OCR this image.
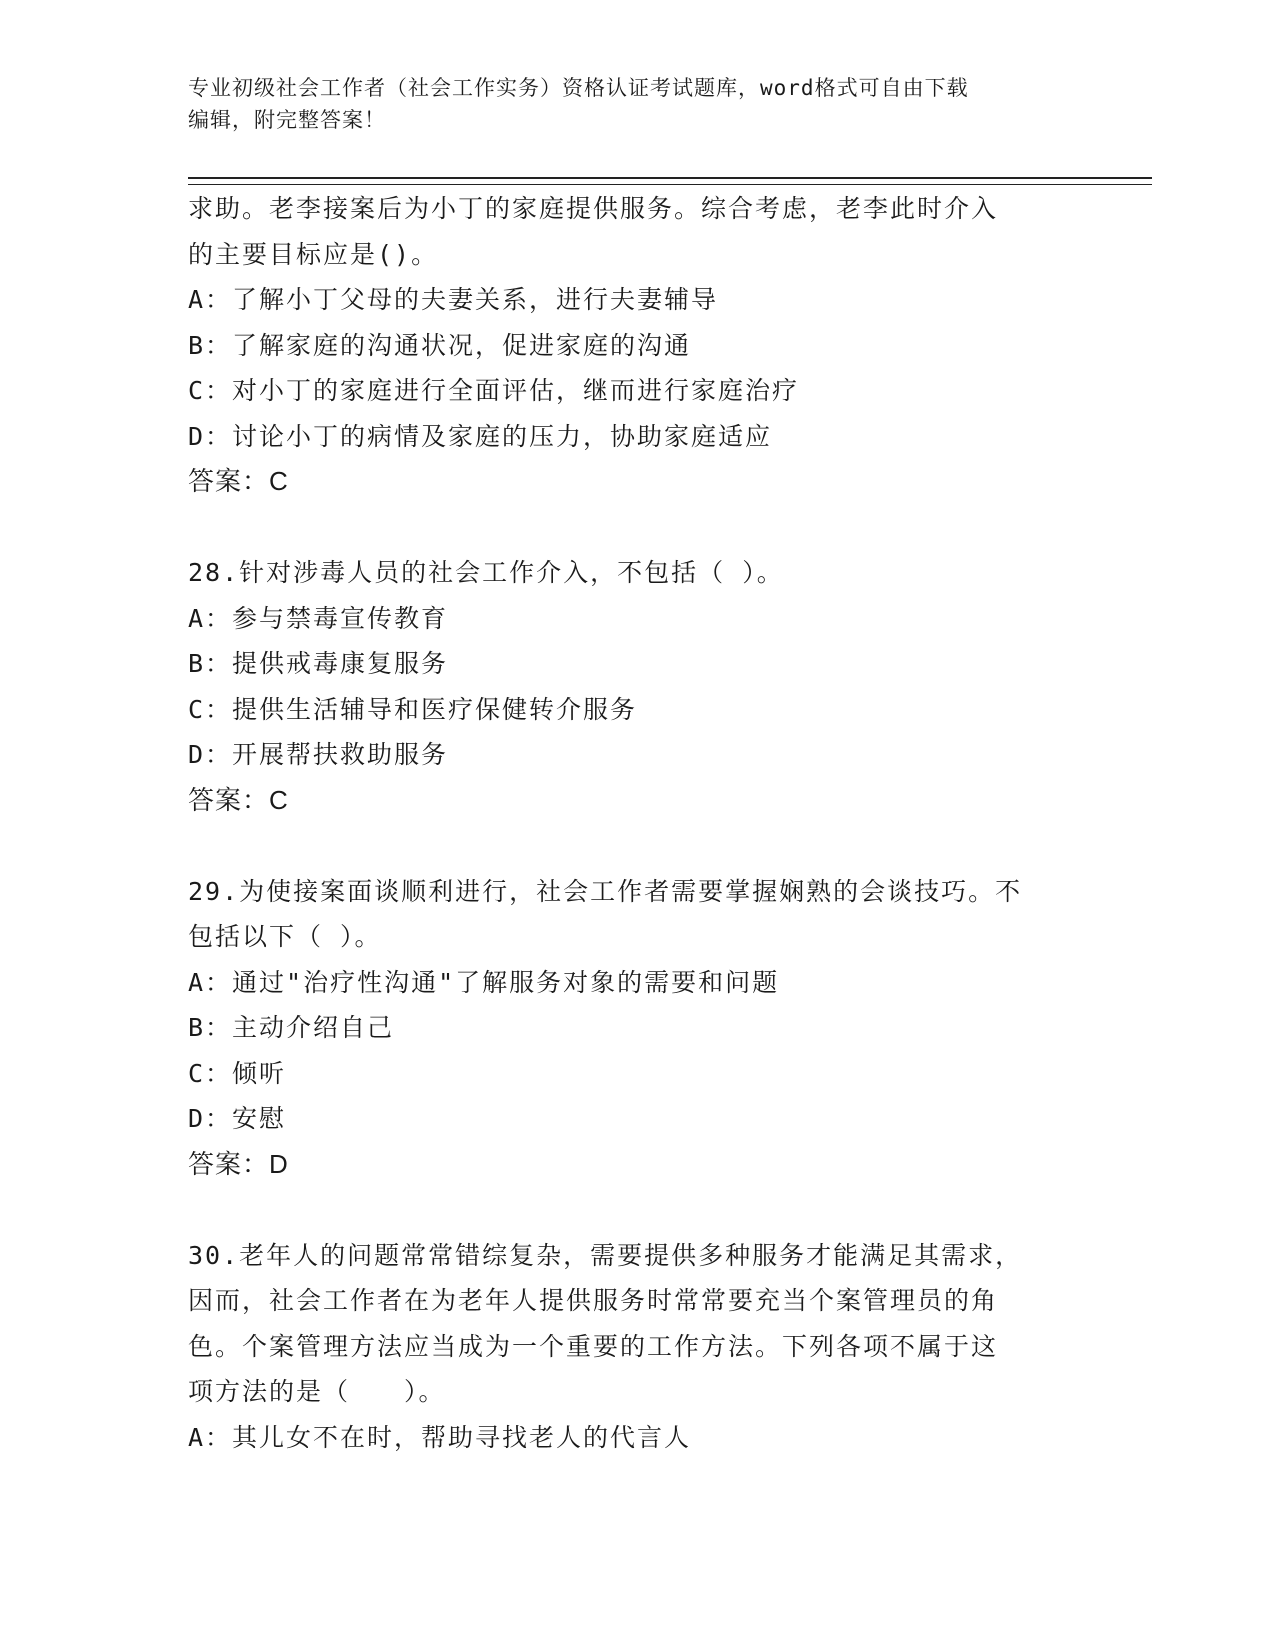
专业初级社会工作者（社会工作实务）资格认证考试题库，word格式可自由下载
编辑，附完整答案！
求助。老李接案后为小丁的家庭提供服务。综合考虑，老李此时介入
的主要目标应是()。
A：了解小丁父母的夫妻关系，进行夫妻辅导
B：了解家庭的沟通状况，促进家庭的沟通
C：对小丁的家庭进行全面评估，继而进行家庭治疗
D：讨论小丁的病情及家庭的压力，协助家庭适应
答案：C
28.针对涉毒人员的社会工作介入，不包括（ ）。
A：参与禁毒宣传教育
B：提供戒毒康复服务
C：提供生活辅导和医疗保健转介服务
D：开展帮扶救助服务
答案：C
29.为使接案面谈顺利进行，社会工作者需要掌握娴熟的会谈技巧。不
包括以下（ ）。
A：通过"治疗性沟通"了解服务对象的需要和问题
B：主动介绍自己
C：倾听
D：安慰
答案：D
30.老年人的问题常常错综复杂，需要提供多种服务才能满足其需求，
因而，社会工作者在为老年人提供服务时常常要充当个案管理员的角
色。个案管理方法应当成为一个重要的工作方法。下列各项不属于这
项方法的是（　　）。
A：其儿女不在时，帮助寻找老人的代言人
